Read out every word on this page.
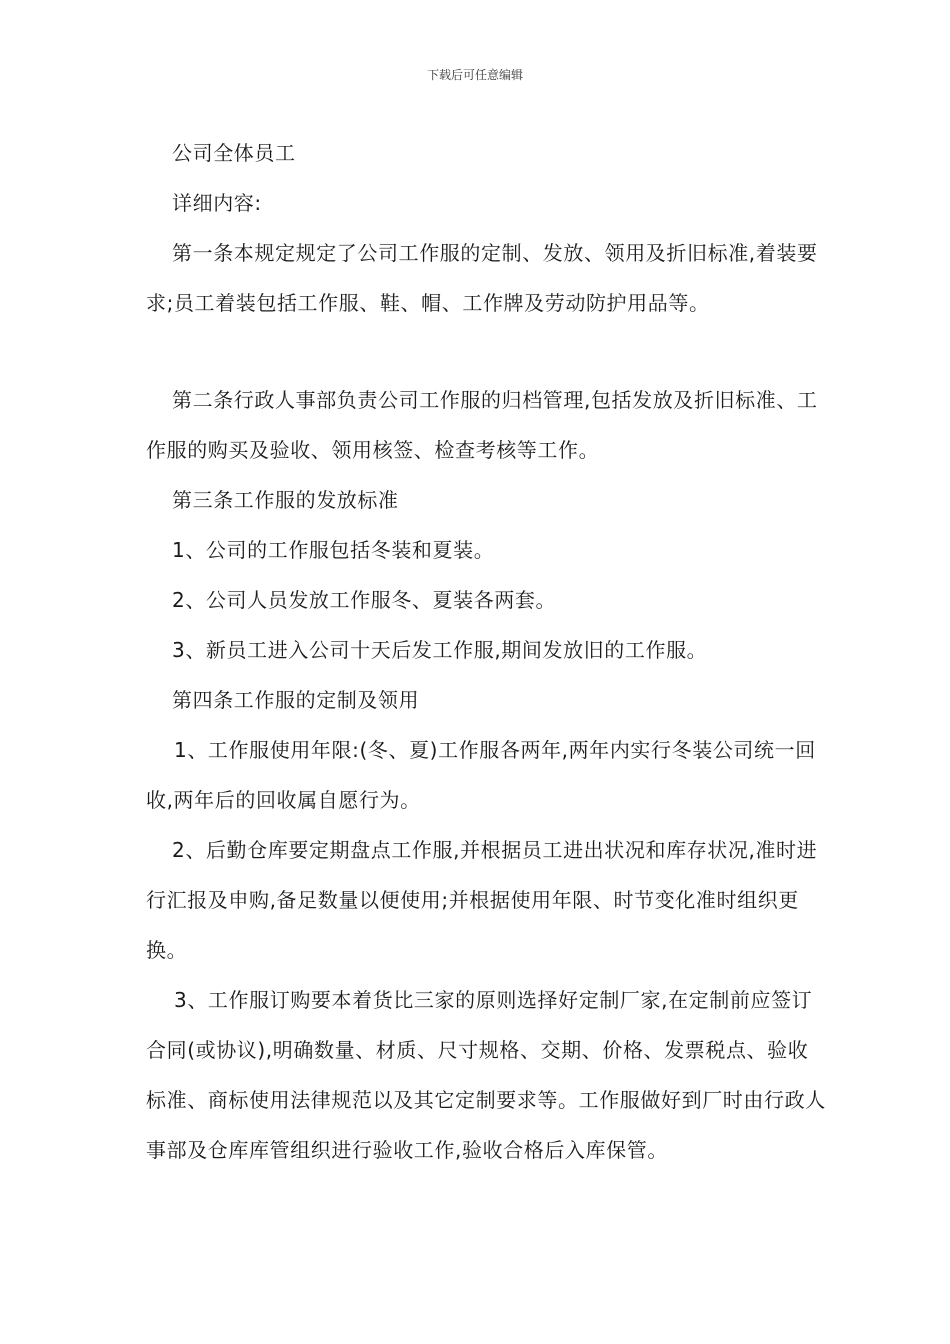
下载后可任意编辑

公司全体员工

详细内容:

第一条本规定规定了公司工作服的定制、发放、领用及折旧标准,着装要求;员工着装包括工作服、鞋、帽、工作牌及劳动防护用品等。

第二条行政人事部负责公司工作服的归档管理,包括发放及折旧标准、工作服的购买及验收、领用核签、检查考核等工作。

第三条工作服的发放标准

1、公司的工作服包括冬装和夏装。

2、公司人员发放工作服冬、夏装各两套。

3、新员工进入公司十天后发工作服,期间发放旧的工作服。

第四条工作服的定制及领用

1、工作服使用年限:(冬、夏)工作服各两年,两年内实行冬装公司统一回收,两年后的回收属自愿行为。

2、后勤仓库要定期盘点工作服,并根据员工进出状况和库存状况,准时进行汇报及申购,备足数量以便使用;并根据使用年限、时节变化准时组织更换。

3、工作服订购要本着货比三家的原则选择好定制厂家,在定制前应签订合同(或协议),明确数量、材质、尺寸规格、交期、价格、发票税点、验收标准、商标使用法律规范以及其它定制要求等。工作服做好到厂时由行政人事部及仓库库管组织进行验收工作,验收合格后入库保管。
